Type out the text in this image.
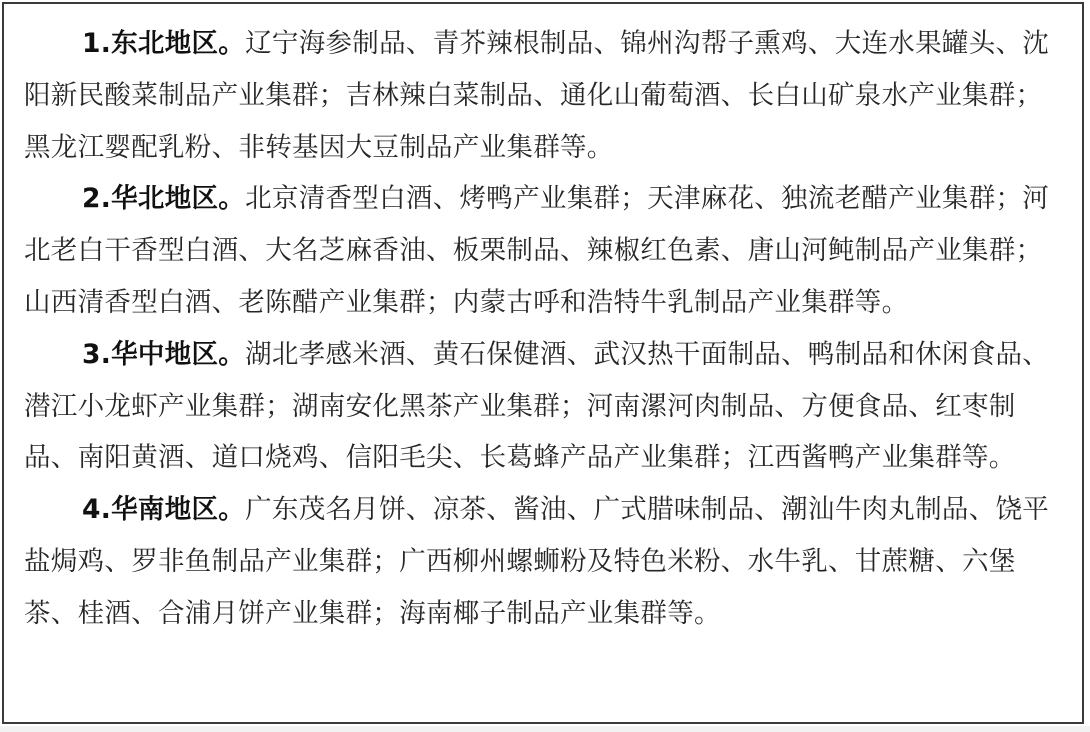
1.东北地区。辽宁海参制品、青芥辣根制品、锦州沟帮子熏鸡、大连水果罐头、沈阳新民酸菜制品产业集群；吉林辣白菜制品、通化山葡萄酒、长白山矿泉水产业集群；黑龙江婴配乳粉、非转基因大豆制品产业集群等。

2.华北地区。北京清香型白酒、烤鸭产业集群；天津麻花、独流老醋产业集群；河北老白干香型白酒、大名芝麻香油、板栗制品、辣椒红色素、唐山河鲀制品产业集群；山西清香型白酒、老陈醋产业集群；内蒙古呼和浩特牛乳制品产业集群等。

3.华中地区。湖北孝感米酒、黄石保健酒、武汉热干面制品、鸭制品和休闲食品、潜江小龙虾产业集群；湖南安化黑茶产业集群；河南漯河肉制品、方便食品、红枣制品、南阳黄酒、道口烧鸡、信阳毛尖、长葛蜂产品产业集群；江西酱鸭产业集群等。

4.华南地区。广东茂名月饼、凉茶、酱油、广式腊味制品、潮汕牛肉丸制品、饶平盐焗鸡、罗非鱼制品产业集群；广西柳州螺蛳粉及特色米粉、水牛乳、甘蔗糖、六堡茶、桂酒、合浦月饼产业集群；海南椰子制品产业集群等。
